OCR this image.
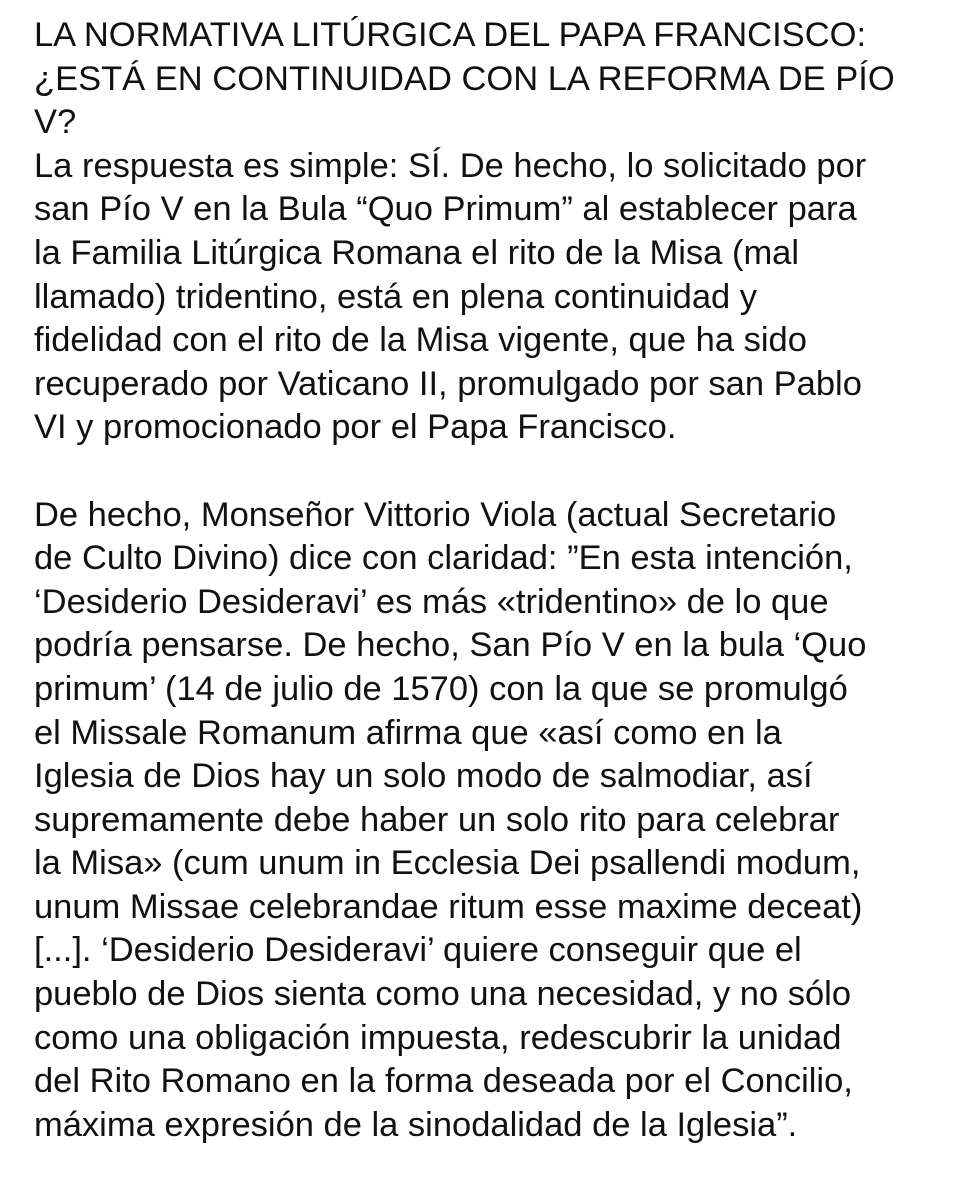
LA NORMATIVA LITÚRGICA DEL PAPA FRANCISCO:
¿ESTÁ EN CONTINUIDAD CON LA REFORMA DE PÍO
V?
La respuesta es simple: SÍ. De hecho, lo solicitado por
san Pío V en la Bula “Quo Primum” al establecer para
la Familia Litúrgica Romana el rito de la Misa (mal
llamado) tridentino, está en plena continuidad y
fidelidad con el rito de la Misa vigente, que ha sido
recuperado por Vaticano II, promulgado por san Pablo
VI y promocionado por el Papa Francisco.
De hecho, Monseñor Vittorio Viola (actual Secretario
de Culto Divino) dice con claridad: ”En esta intención,
‘Desiderio Desideravi’ es más «tridentino» de lo que
podría pensarse. De hecho, San Pío V en la bula ‘Quo
primum’ (14 de julio de 1570) con la que se promulgó
el Missale Romanum afirma que «así como en la
Iglesia de Dios hay un solo modo de salmodiar, así
supremamente debe haber un solo rito para celebrar
la Misa» (cum unum in Ecclesia Dei psallendi modum,
unum Missae celebrandae ritum esse maxime deceat)
[...]. ‘Desiderio Desideravi’ quiere conseguir que el
pueblo de Dios sienta como una necesidad, y no sólo
como una obligación impuesta, redescubrir la unidad
del Rito Romano en la forma deseada por el Concilio,
máxima expresión de la sinodalidad de la Iglesia”.
